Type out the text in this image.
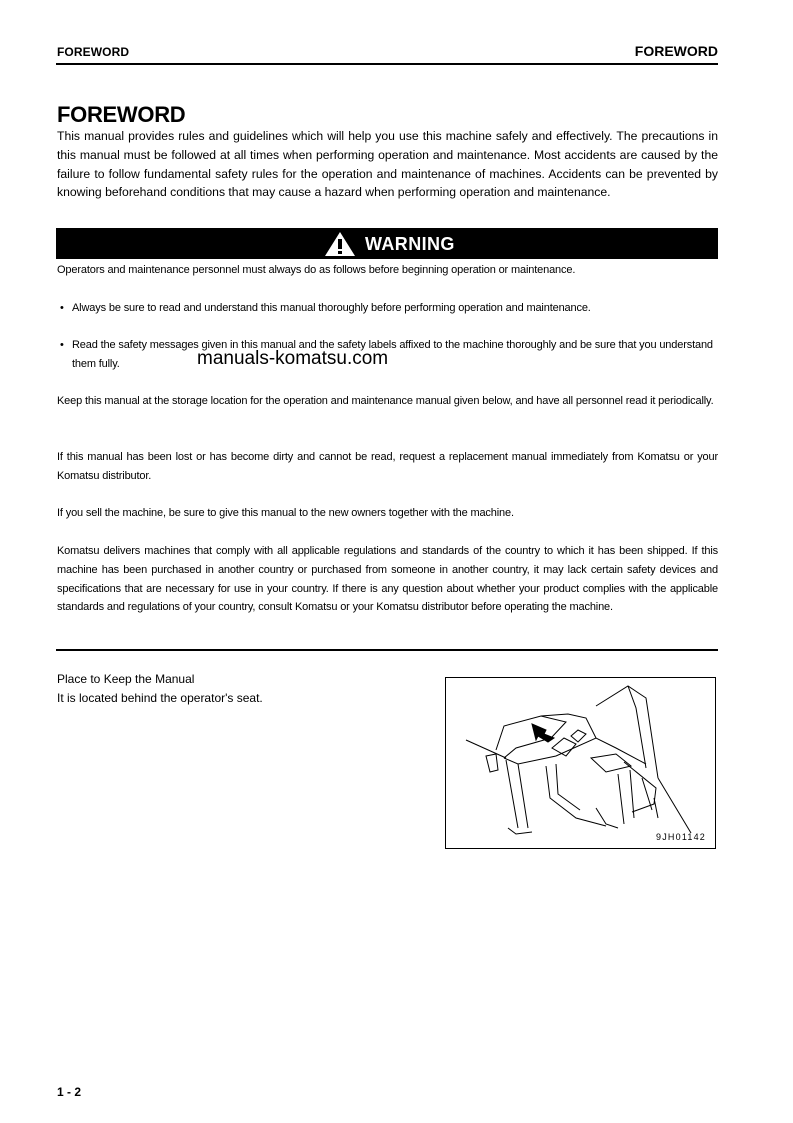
FOREWORD	FOREWORD
FOREWORD

This manual provides rules and guidelines which will help you use this machine safely and effectively. The precautions in this manual must be followed at all times when performing operation and maintenance. Most accidents are caused by the failure to follow fundamental safety rules for the operation and maintenance of machines. Accidents can be prevented by knowing beforehand conditions that may cause a hazard when performing operation and maintenance.

WARNING

Operators and maintenance personnel must always do as follows before beginning operation or maintenance.

• Always be sure to read and understand this manual thoroughly before performing operation and maintenance.
• Read the safety messages given in this manual and the safety labels affixed to the machine thoroughly and be sure that you understand them fully.	manuals-komatsu.com

Keep this manual at the storage location for the operation and maintenance manual given below, and have all personnel read it periodically.

If this manual has been lost or has become dirty and cannot be read, request a replacement manual immediately from Komatsu or your Komatsu distributor.

If you sell the machine, be sure to give this manual to the new owners together with the machine.

Komatsu delivers machines that comply with all applicable regulations and standards of the country to which it has been shipped. If this machine has been purchased in another country or purchased from someone in another country, it may lack certain safety devices and specifications that are necessary for use in your country. If there is any question about whether your product complies with the applicable standards and regulations of your country, consult Komatsu or your Komatsu distributor before operating the machine.

Place to Keep the Manual
It is located behind the operator's seat.
9JH01142
1 - 2
